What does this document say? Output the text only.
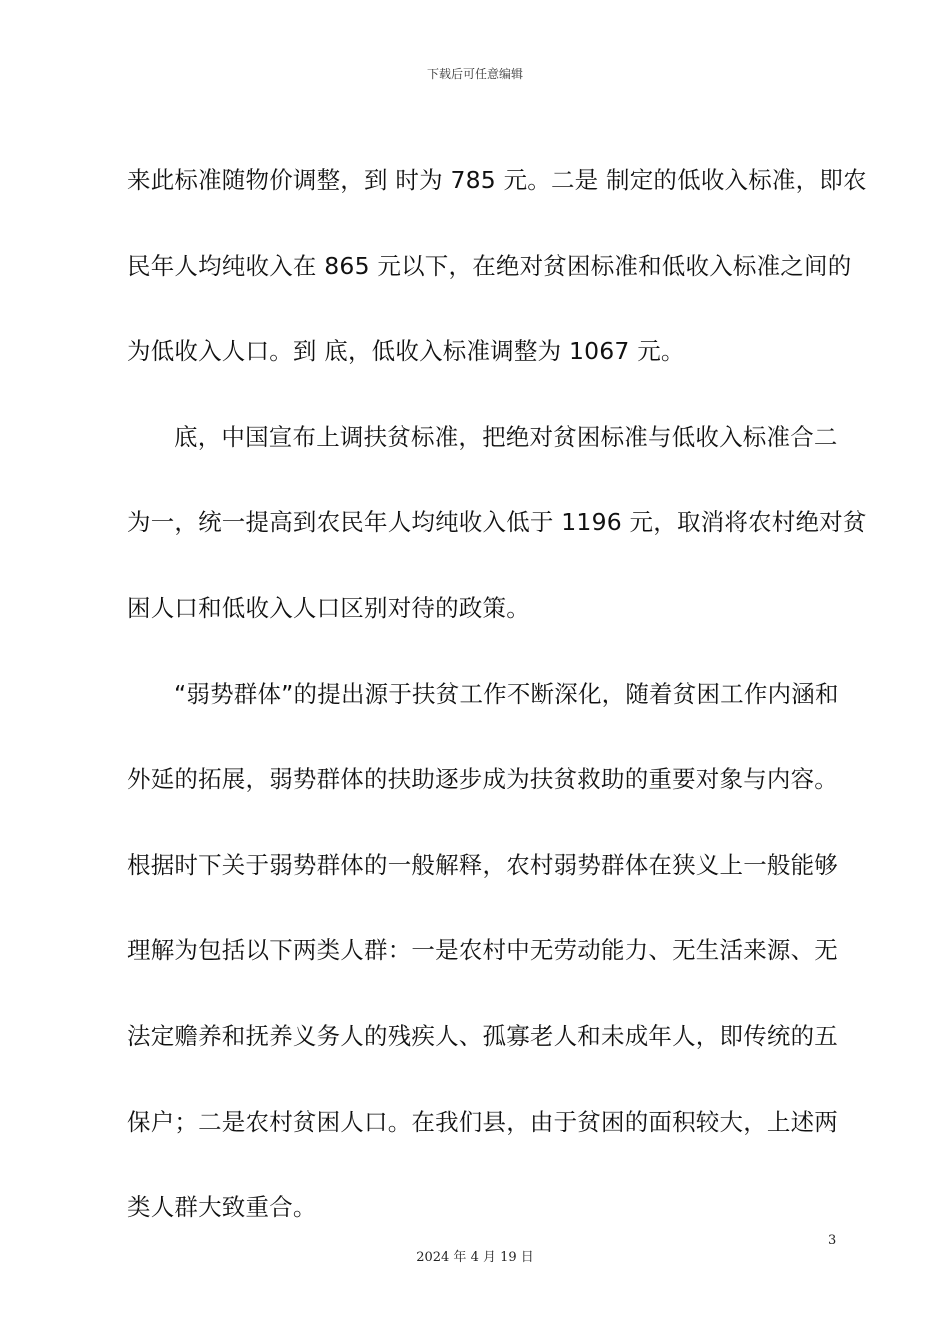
下载后可任意编辑
来此标准随物价调整，到 时为 785 元。二是 制定的低收入标准，即农
民年人均纯收入在 865 元以下，在绝对贫困标准和低收入标准之间的
为低收入人口。到 底，低收入标准调整为 1067 元。
底，中国宣布上调扶贫标准，把绝对贫困标准与低收入标准合二
为一，统一提高到农民年人均纯收入低于 1196 元，取消将农村绝对贫
困人口和低收入人口区别对待的政策。
“弱势群体”的提出源于扶贫工作不断深化，随着贫困工作内涵和
外延的拓展，弱势群体的扶助逐步成为扶贫救助的重要对象与内容。
根据时下关于弱势群体的一般解释，农村弱势群体在狭义上一般能够
理解为包括以下两类人群：一是农村中无劳动能力、无生活来源、无
法定赡养和抚养义务人的残疾人、孤寡老人和未成年人，即传统的五
保户；二是农村贫困人口。在我们县，由于贫困的面积较大，上述两
类人群大致重合。
3
2024 年 4 月 19 日
